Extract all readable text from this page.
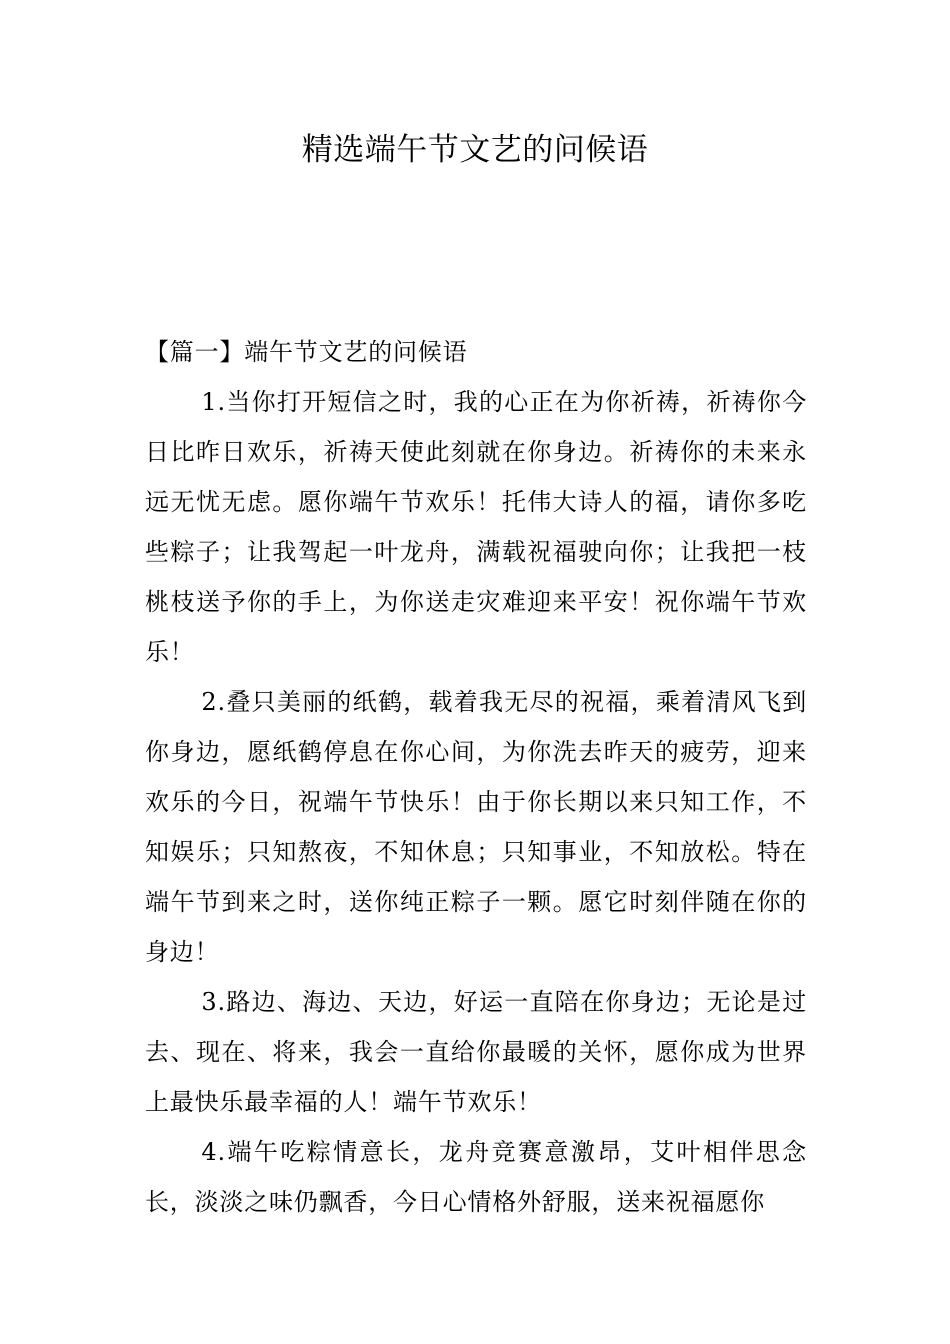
精选端午节文艺的问候语
【篇一】端午节文艺的问候语

1.当你打开短信之时，我的心正在为你祈祷，祈祷你今日比昨日欢乐，祈祷天使此刻就在你身边。祈祷你的未来永远无忧无虑。愿你端午节欢乐！托伟大诗人的福，请你多吃些粽子；让我驾起一叶龙舟，满载祝福驶向你；让我把一枝桃枝送予你的手上，为你送走灾难迎来平安！祝你端午节欢乐！

2.叠只美丽的纸鹤，载着我无尽的祝福，乘着清风飞到你身边，愿纸鹤停息在你心间，为你洗去昨天的疲劳，迎来欢乐的今日，祝端午节快乐！由于你长期以来只知工作，不知娱乐；只知熬夜，不知休息；只知事业，不知放松。特在端午节到来之时，送你纯正粽子一颗。愿它时刻伴随在你的身边！

3.路边、海边、天边，好运一直陪在你身边；无论是过去、现在、将来，我会一直给你最暖的关怀，愿你成为世界上最快乐最幸福的人！端午节欢乐！

4.端午吃粽情意长，龙舟竞赛意激昂，艾叶相伴思念长，淡淡之味仍飘香，今日心情格外舒服，送来祝福愿你
